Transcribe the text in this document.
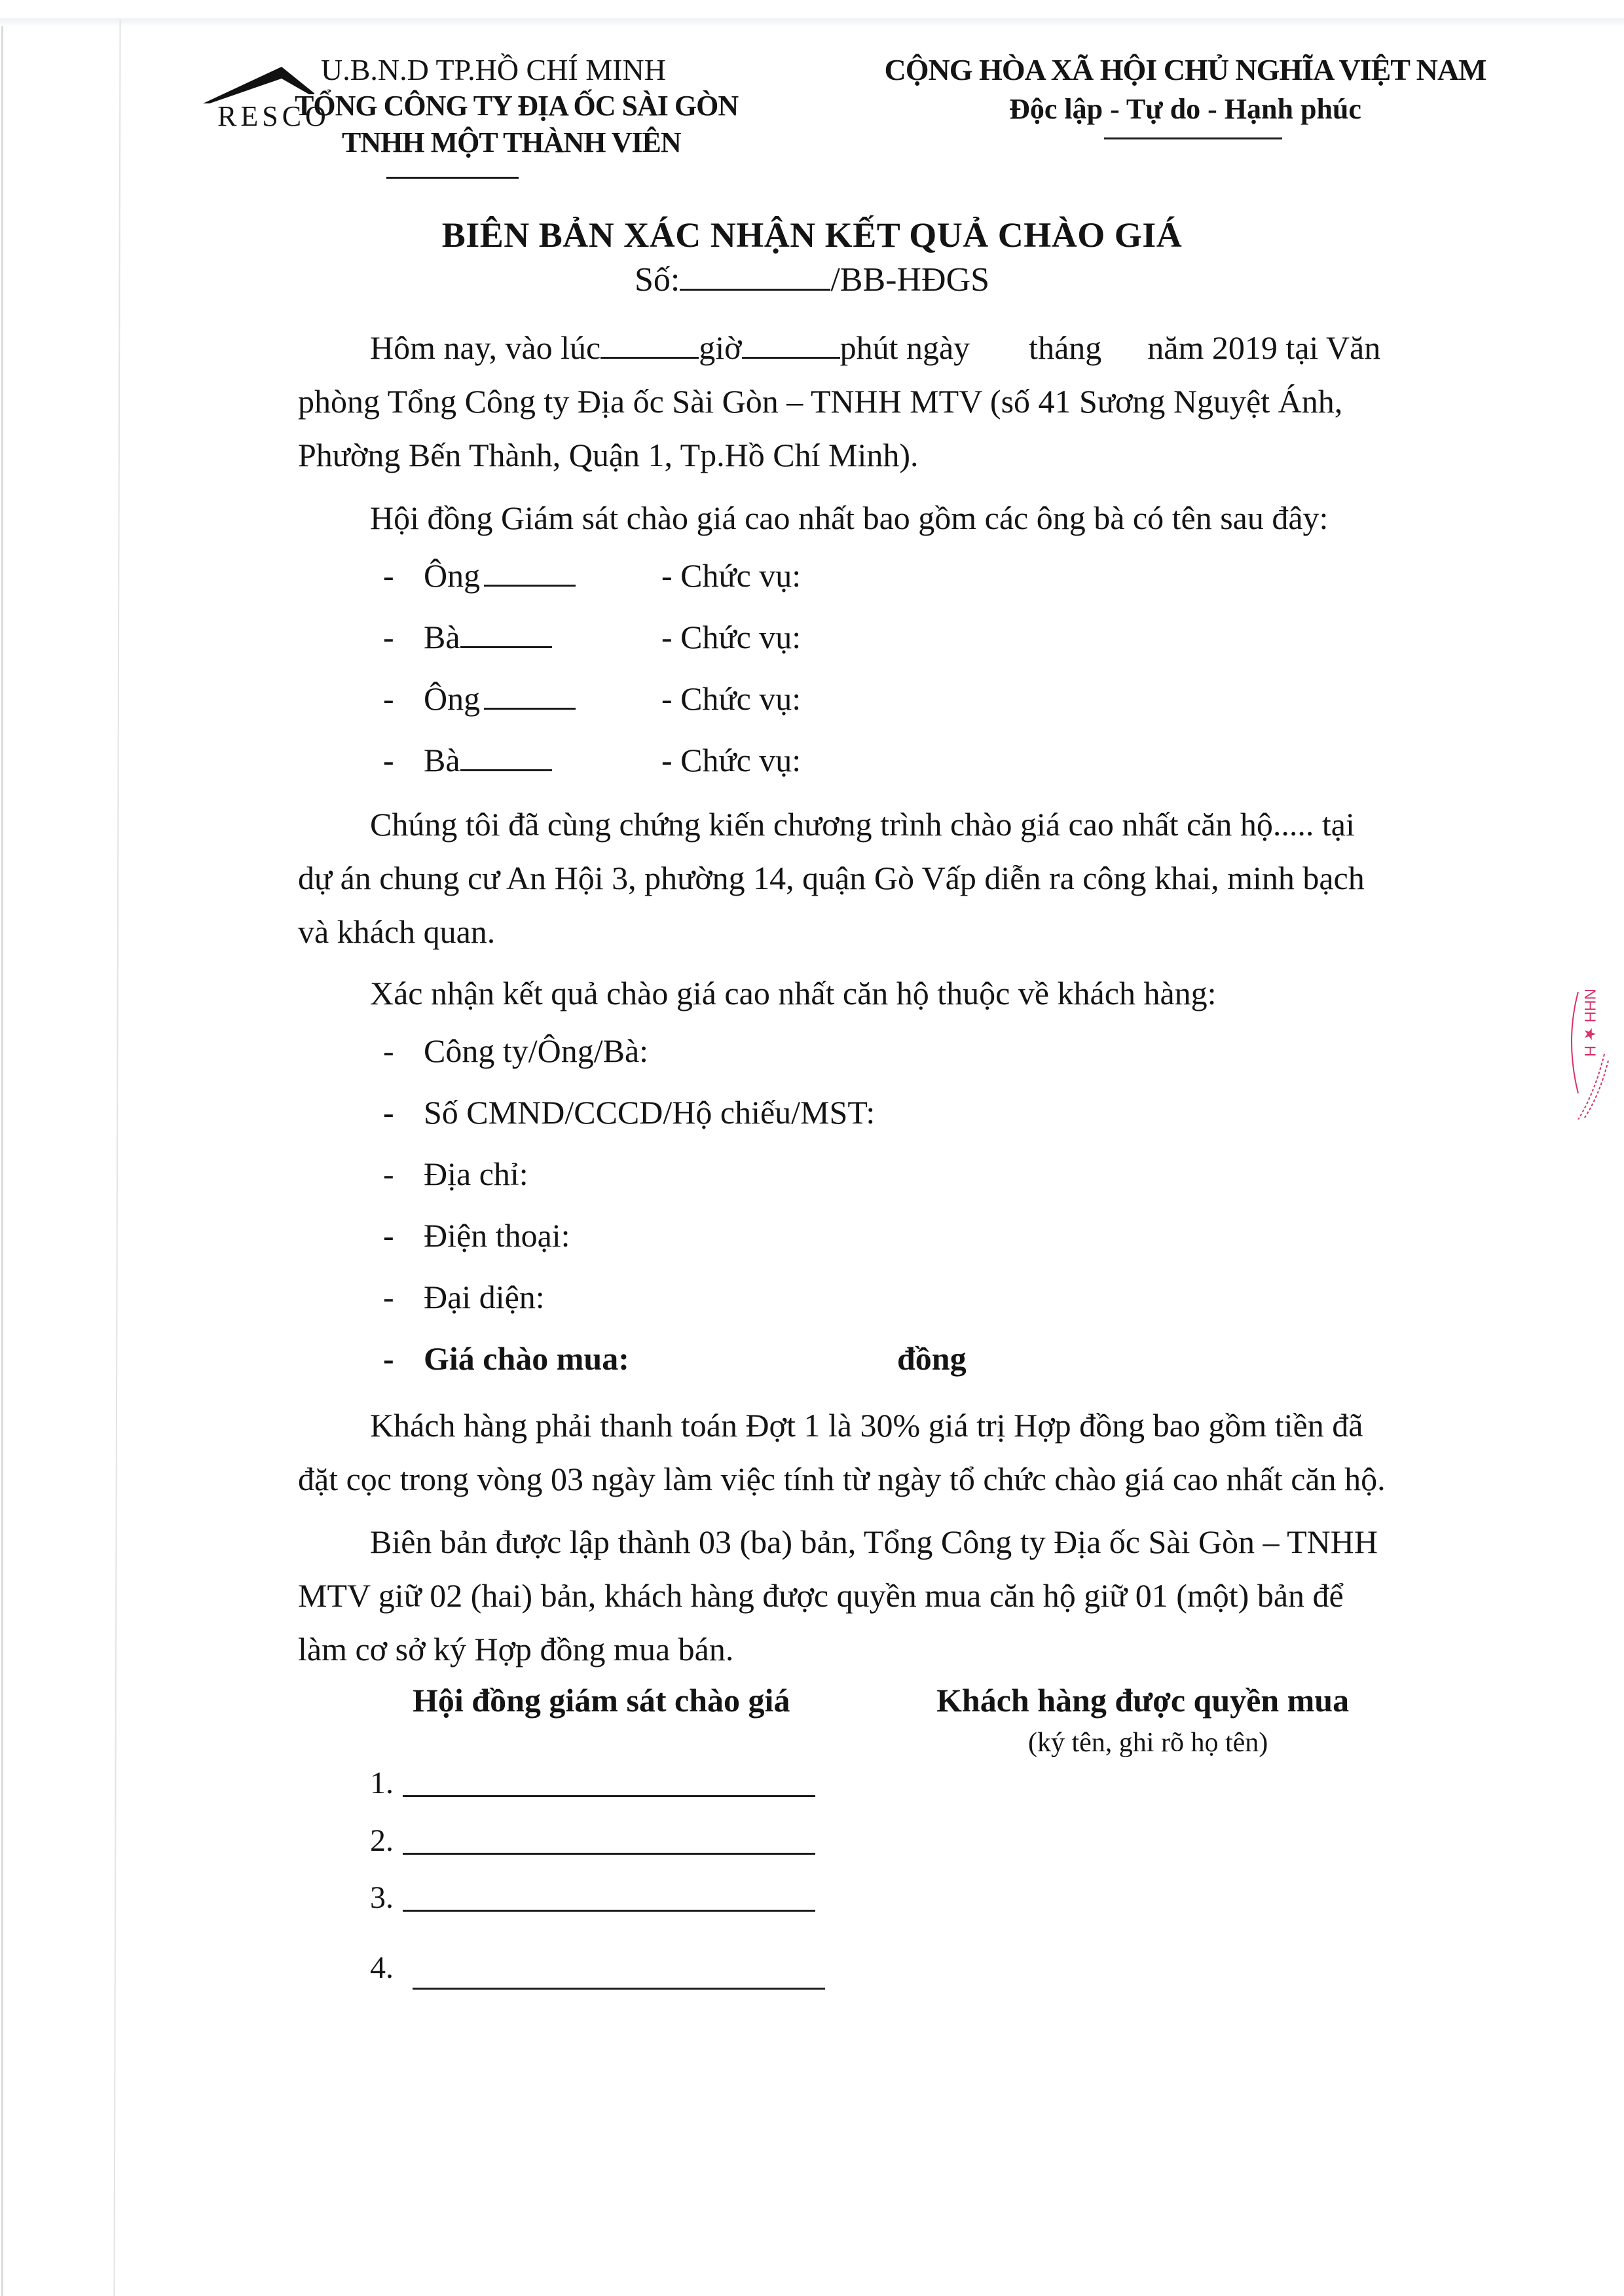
RESCO
U.B.N.D TP.HỒ CHÍ MINH
TỔNG CÔNG TY ĐỊA ỐC SÀI GÒN
TNHH MỘT THÀNH VIÊN
CỘNG HÒA XÃ HỘI CHỦ NGHĨA VIỆT NAM
Độc lập - Tự do - Hạnh phúc
BIÊN BẢN XÁC NHẬN KẾT QUẢ CHÀO GIÁ
Số:	/BB-HĐGS
Hôm nay, vào lúc	giờ	phút ngày tháng năm 2019 tại Văn
phòng Tổng Công ty Địa ốc Sài Gòn – TNHH MTV (số 41 Sương Nguyệt Ánh,
Phường Bến Thành, Quận 1, Tp.Hồ Chí Minh).
Hội đồng Giám sát chào giá cao nhất bao gồm các ông bà có tên sau đây:
- Ông	- Chức vụ:
- Bà	- Chức vụ:
- Ông	- Chức vụ:
- Bà	- Chức vụ:
Chúng tôi đã cùng chứng kiến chương trình chào giá cao nhất căn hộ..... tại
dự án chung cư An Hội 3, phường 14, quận Gò Vấp diễn ra công khai, minh bạch
và khách quan.
Xác nhận kết quả chào giá cao nhất căn hộ thuộc về khách hàng:
- Công ty/Ông/Bà:
- Số CMND/CCCD/Hộ chiếu/MST:
- Địa chỉ:
- Điện thoại:
- Đại diện:
- Giá chào mua:	đồng
Khách hàng phải thanh toán Đợt 1 là 30% giá trị Hợp đồng bao gồm tiền đã
đặt cọc trong vòng 03 ngày làm việc tính từ ngày tổ chức chào giá cao nhất căn hộ.
Biên bản được lập thành 03 (ba) bản, Tổng Công ty Địa ốc Sài Gòn – TNHH
MTV giữ 02 (hai) bản, khách hàng được quyền mua căn hộ giữ 01 (một) bản để
làm cơ sở ký Hợp đồng mua bán.
Hội đồng giám sát chào giá	Khách hàng được quyền mua
(ký tên, ghi rõ họ tên)
1.
2.
3.
4.
NHH ★ H
